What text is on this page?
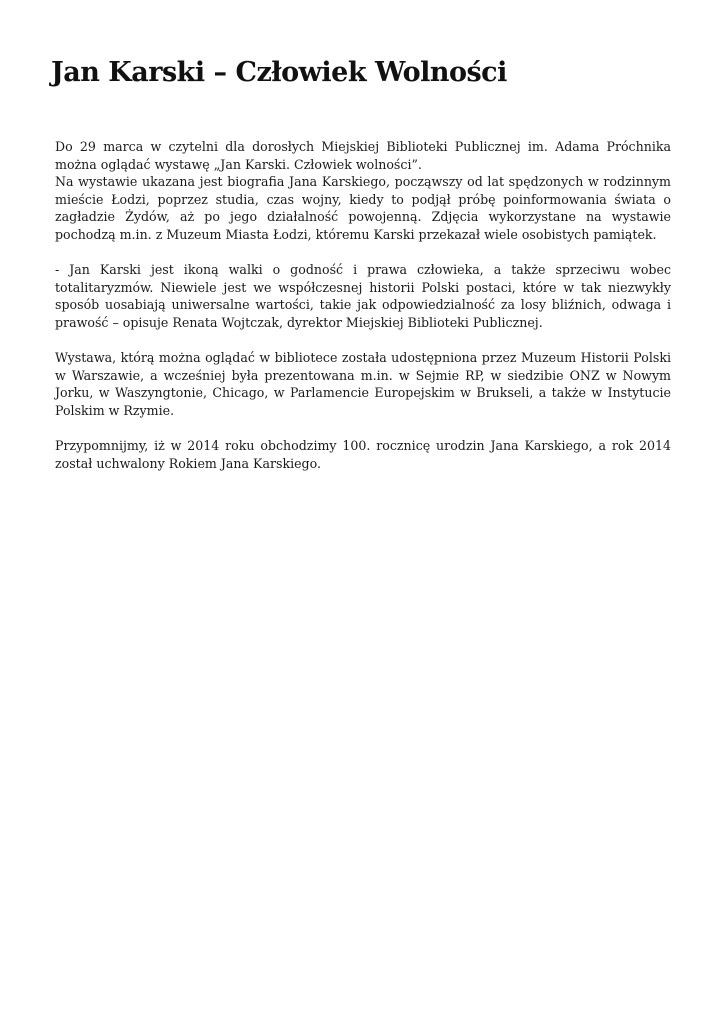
Jan Karski – Człowiek Wolności

Do 29 marca w czytelni dla dorosłych Miejskiej Biblioteki Publicznej im. Adama Próchnika można oglądać wystawę „Jan Karski. Człowiek wolności”.
Na wystawie ukazana jest biografia Jana Karskiego, począwszy od lat spędzonych w rodzinnym mieście Łodzi, poprzez studia, czas wojny, kiedy to podjął próbę poinformowania świata o zagładzie Żydów, aż po jego działalność powojenną. Zdjęcia wykorzystane na wystawie pochodzą m.in. z Muzeum Miasta Łodzi, któremu Karski przekazał wiele osobistych pamiątek.

- Jan Karski jest ikoną walki o godność i prawa człowieka, a także sprzeciwu wobec totalitaryzmów. Niewiele jest we współczesnej historii Polski postaci, które w tak niezwykły sposób uosabiają uniwersalne wartości, takie jak odpowiedzialność za losy bliźnich, odwaga i prawość – opisuje Renata Wojtczak, dyrektor Miejskiej Biblioteki Publicznej.

Wystawa, którą można oglądać w bibliotece została udostępniona przez Muzeum Historii Polski w Warszawie, a wcześniej była prezentowana m.in. w Sejmie RP, w siedzibie ONZ w Nowym Jorku, w Waszyngtonie, Chicago, w Parlamencie Europejskim w Brukseli, a także w Instytucie Polskim w Rzymie.

Przypomnijmy, iż w 2014 roku obchodzimy 100. rocznicę urodzin Jana Karskiego, a rok 2014 został uchwalony Rokiem Jana Karskiego.
